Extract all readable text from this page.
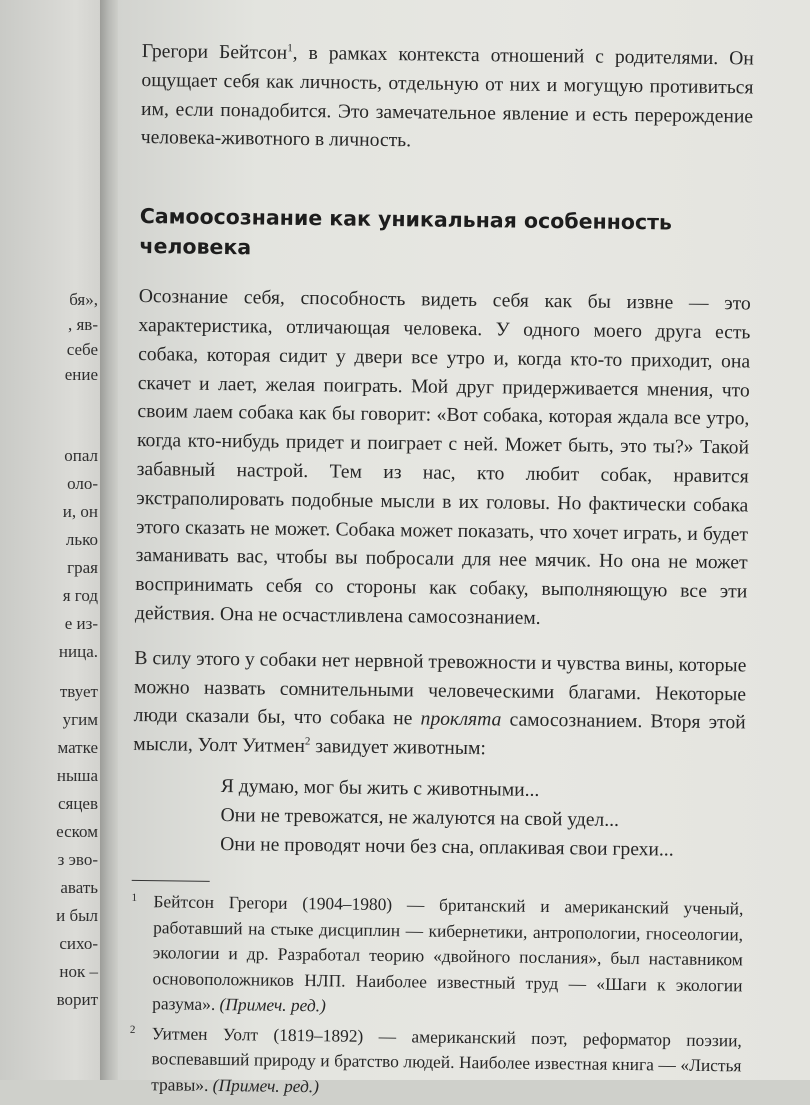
бя»,
, яв-
себе
ение
опал
оло-
и, он
лько
грая
я год
е из-
ница.
твует
угим
матке
ныша
сяцев
еском
з эво-
авать
и был
сихо-
нок –
ворит

Грегори Бейтсон$^1$, в рамках контекста отношений с родителями. Он ощущает себя как личность, отдельную от них и могущую противиться им, если понадобится. Это замечательное явление и есть перерождение человека-животного в личность.

Самоосознание как уникальная особенность человека

Осознание себя, способность видеть себя как бы извне — это характеристика, отличающая человека. У одного моего друга есть собака, которая сидит у двери все утро и, когда кто-то приходит, она скачет и лает, желая поиграть. Мой друг придерживается мнения, что своим лаем собака как бы говорит: «Вот собака, которая ждала все утро, когда кто-нибудь придет и поиграет с ней. Может быть, это ты?» Такой забавный настрой. Тем из нас, кто любит собак, нравится экстраполировать подобные мысли в их головы. Но фактически собака этого сказать не может. Собака может показать, что хочет играть, и будет заманивать вас, чтобы вы побросали для нее мячик. Но она не может воспринимать себя со стороны как собаку, выполняющую все эти действия. Она не осчастливлена самосознанием.

В силу этого у собаки нет нервной тревожности и чувства вины, которые можно назвать сомнительными человеческими благами. Некоторые люди сказали бы, что собака не проклята самосознанием. Вторя этой мысли, Уолт Уитмен$^2$ завидует животным:

Я думаю, мог бы жить с животными...
Они не тревожатся, не жалуются на свой удел...
Они не проводят ночи без сна, оплакивая свои грехи...
1 Бейтсон Грегори (1904–1980) — британский и американский ученый, работавший на стыке дисциплин — кибернетики, антропологии, гносеологии, экологии и др. Разработал теорию «двойного послания», был наставником основоположников НЛП. Наиболее известный труд — «Шаги к экологии разума». (Примеч. ред.)
2 Уитмен Уолт (1819–1892) — американский поэт, реформатор поэзии, воспевавший природу и братство людей. Наиболее известная книга — «Листья травы». (Примеч. ред.)
